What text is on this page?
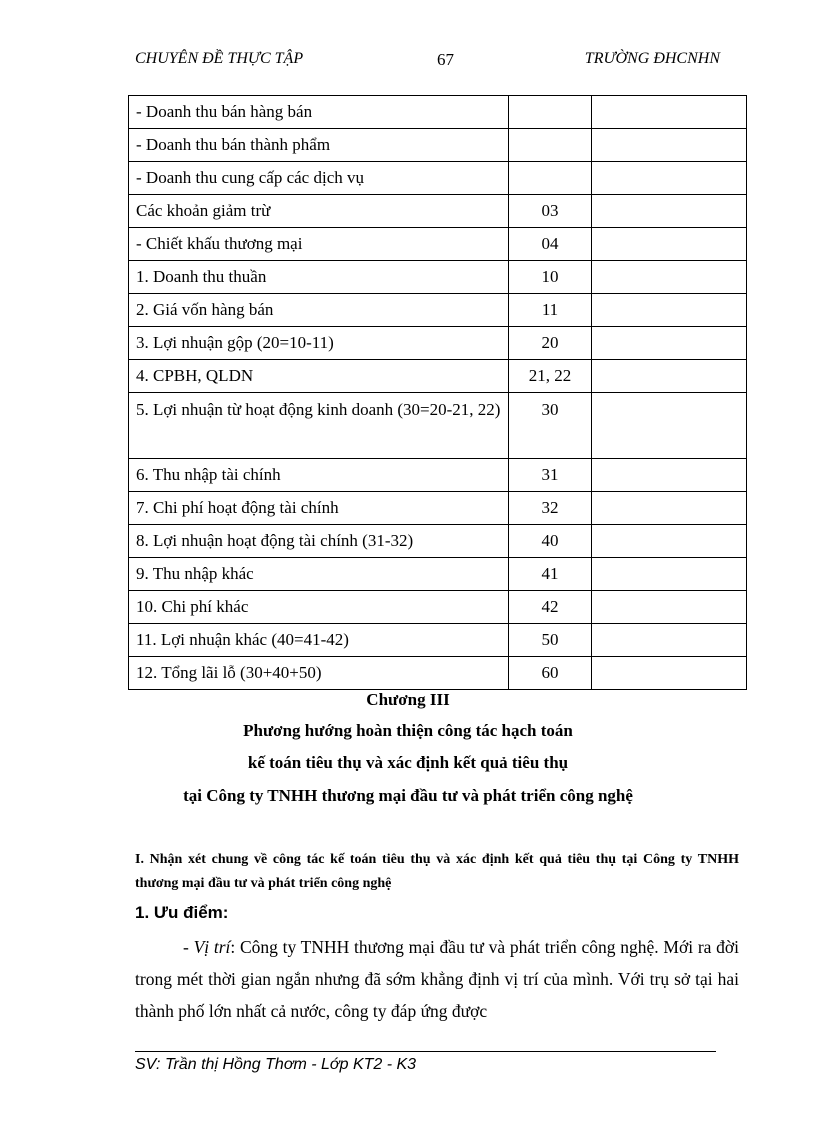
CHUYÊN ĐỀ THỰC TẬP	67	TRƯỜNG ĐHCNHN
- Doanh thu bán hàng bán		
- Doanh thu bán thành phẩm		
- Doanh thu cung cấp các dịch vụ		
Các khoản giảm trừ	03	
- Chiết khấu thương mại	04	
1. Doanh thu thuần	10	
2. Giá vốn hàng bán	11	
3. Lợi nhuận gộp (20=10-11)	20	
4. CPBH, QLDN	21, 22	
5. Lợi nhuận từ hoạt động kinh doanh (30=20-21, 22)	30	
6. Thu nhập tài chính	31	
7. Chi phí hoạt động tài chính	32	
8. Lợi nhuận hoạt động tài chính (31-32)	40	
9. Thu nhập khác	41	
10. Chi phí khác	42	
11. Lợi nhuận khác (40=41-42)	50	
12. Tổng lãi lỗ (30+40+50)	60	
Chương III
Phương hướng hoàn thiện công tác hạch toán
kế toán tiêu thụ và xác định kết quả tiêu thụ
tại Công ty TNHH thương mại đầu tư và phát triển công nghệ
I. Nhận xét chung về công tác kế toán tiêu thụ và xác định kết quả tiêu thụ tại Công ty TNHH thương mại đầu tư và phát triển công nghệ
1. Ưu điểm:
- Vị trí: Công ty TNHH thương mại đầu tư và phát triển công nghệ. Mới ra đời trong mét thời gian ngắn nhưng đã sớm khẳng định vị trí của mình. Với trụ sở tại hai thành phố lớn nhất cả nước, công ty đáp ứng được
SV: Trần thị Hồng Thơm - Lớp KT2 - K3
